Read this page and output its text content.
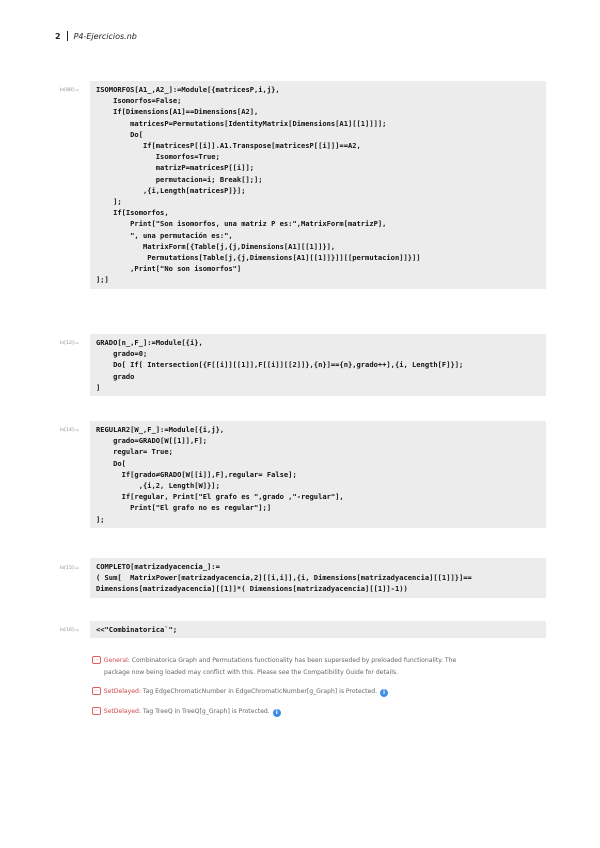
2 P4-Ejercicios.nb
In[88]:= ISOMORFOS[A1_,A2_]:=Module[{matricesP,i,j},
Isomorfos=False;
If[Dimensions[A1]==Dimensions[A2],
matricesP=Permutations[IdentityMatrix[Dimensions[A1][[1]]]];
Do[
If[matricesP[[i]].A1.Transpose[matricesP[[i]]]==A2,
Isomorfos=True;
matrizP=matricesP[[i]];
permutacion=i; Break[];];
,{i,Length[matricesP]}];
];
If[Isomorfos,
Print["Son isomorfos, una matriz P es:",MatrixForm[matrizP],
", una permutación es:",
MatrixForm[{Table[j,{j,Dimensions[A1][[1]]}],
Permutations[Table[j,{j,Dimensions[A1][[1]]}]][[permutacion]]}]]
,Print["No son isomorfos"]
];]
In[12]:= GRADO[n_,F_]:=Module[{i},
grado=0;
Do[ If[ Intersection[{F[[i]][[1]],F[[i]][[2]]},{n}]=={n},grado++],{i, Length[F]}];
grado
]
In[14]:= REGULAR2[W_,F_]:=Module[{i,j},
grado=GRADO[W[[1]],F];
regular= True;
Do[
If[grado≠GRADO[W[[i]],F],regular= False];
,{i,2, Length[W]}];
If[regular, Print["El grafo es ",grado ,"-regular"],
Print["El grafo no es regular"];]
];
In[15]:= COMPLETO[matrizadyacencia_]:=
( Sum[  MatrixPower[matrizadyacencia,2][[i,i]],{i, Dimensions[matrizadyacencia][[1]]}]==
Dimensions[matrizadyacencia][[1]]*( Dimensions[matrizadyacencia][[1]]-1))
In[16]:= <<"Combinatorica`";
··· General: Combinatorica Graph and Permutations functionality has been superseded by preloaded functionality. The
package now being loaded may conflict with this. Please see the Compatibility Guide for details.
··· SetDelayed: Tag EdgeChromaticNumber in EdgeChromaticNumber[g_Graph] is Protected. i
··· SetDelayed: Tag TreeQ in TreeQ[g_Graph] is Protected. i
